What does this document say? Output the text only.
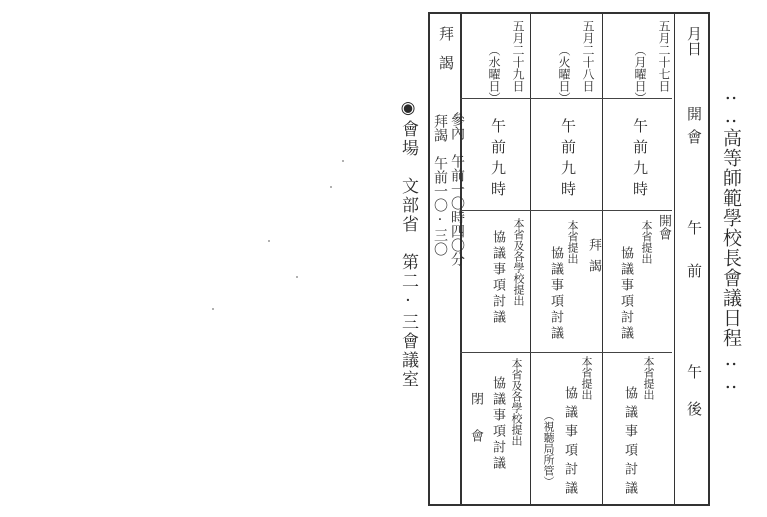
‥‥高等師範學校長會議日程‥‥
◉會場　文部省　第二·三會議室
月日
開會
午前
午後
拜謁	五月二十七日
（月曜日）
午前九時
開會
本省提出
協議事項討議
本省提出
協議事項討議
五月二十八日
（火曜日）
午前九時
拜謁
本省提出
協議事項討議
本省提出
協議事項討議
（視聽局所管）
五月二十九日
（水曜日）
午前九時
本省及各學校提出
協議事項討議
本省及各學校提出
協議事項討議
閉會
參內　午前一〇時四〇分
拜謁　午前一〇·三〇
